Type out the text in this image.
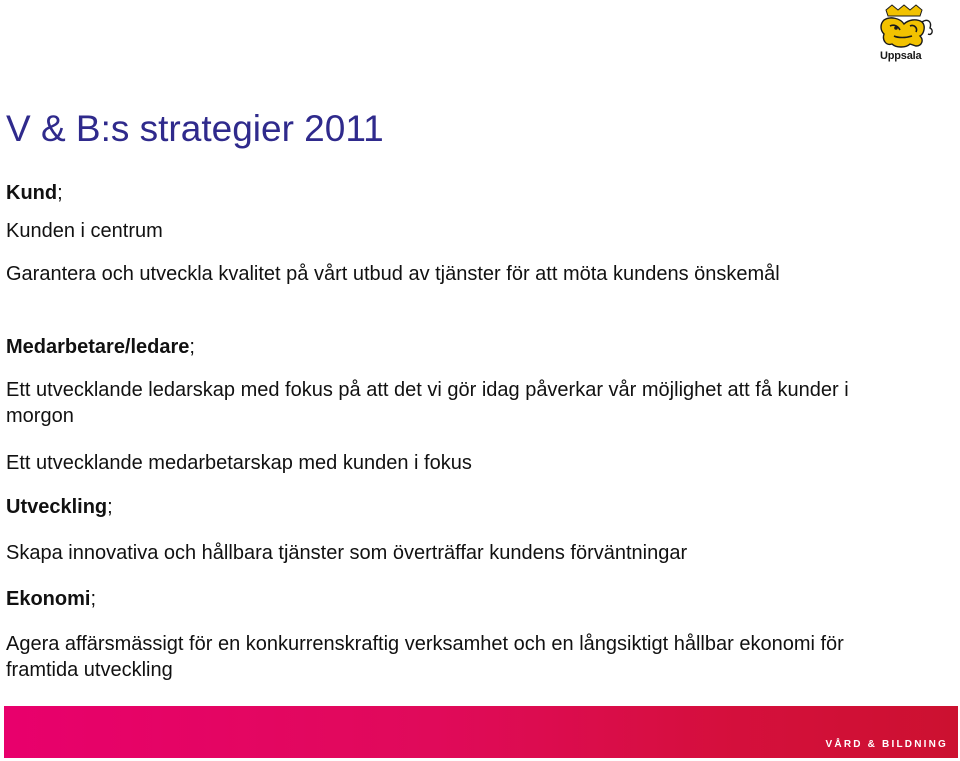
V & B:s strategier 2011
Kund;
Kunden i centrum
Garantera och utveckla kvalitet på vårt utbud av tjänster för att möta kundens önskemål
Medarbetare/ledare;
Ett utvecklande ledarskap med fokus på att det vi gör idag påverkar vår möjlighet att få kunder i morgon
Ett utvecklande medarbetarskap med kunden i fokus
Utveckling;
Skapa innovativa och hållbara tjänster som överträffar kundens förväntningar
Ekonomi;
Agera affärsmässigt för en konkurrenskraftig verksamhet och en långsiktigt hållbar ekonomi för framtida utveckling
Uppsala
VÅRD & BILDNING
